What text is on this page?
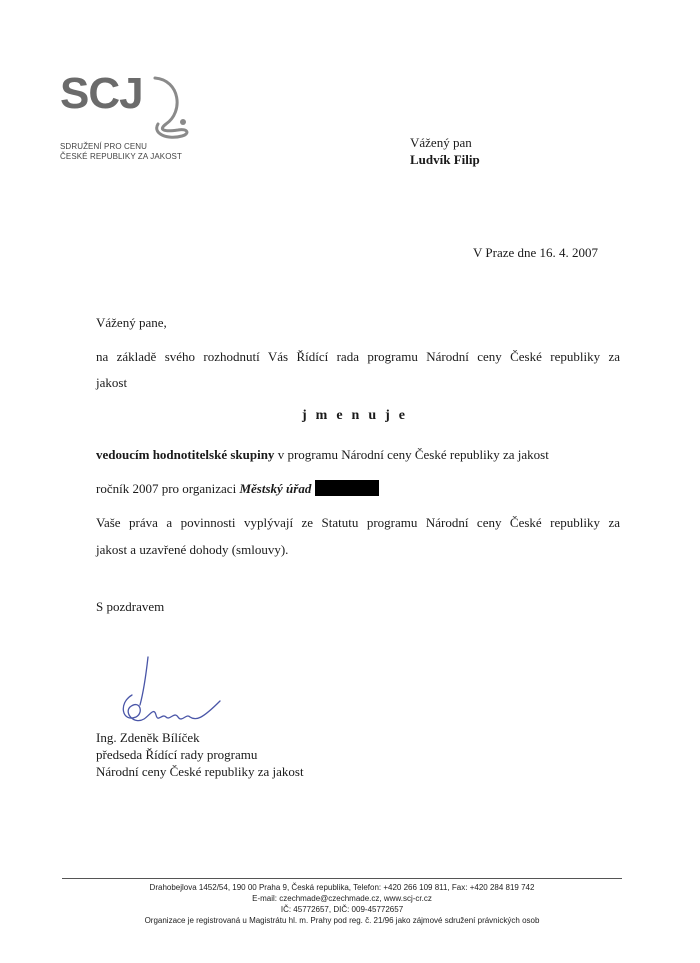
SCJ
SDRUŽENÍ PRO CENU
ČESKÉ REPUBLIKY ZA JAKOST
Vážený pan
Ludvík Filip
V Praze dne 16. 4. 2007
Vážený pane,
na základě svého rozhodnutí Vás Řídící rada programu Národní ceny České republiky za
jakost
jmenuje
vedoucím hodnotitelské skupiny v programu Národní ceny České republiky za jakost
ročník 2007 pro organizaci Městský úřad
Vaše práva a povinnosti vyplývají ze Statutu programu Národní ceny České republiky za
jakost a uzavřené dohody (smlouvy).
S pozdravem
Ing. Zdeněk Bílíček
předseda Řídící rady programu
Národní ceny České republiky za jakost
Drahobejlova 1452/54, 190 00 Praha 9, Česká republika, Telefon: +420 266 109 811, Fax: +420 284 819 742
E-mail: czechmade@czechmade.cz, www.scj-cr.cz
IČ: 45772657, DIČ: 009-45772657
Organizace je registrovaná u Magistrátu hl. m. Prahy pod reg. č. 21/96 jako zájmové sdružení právnických osob
